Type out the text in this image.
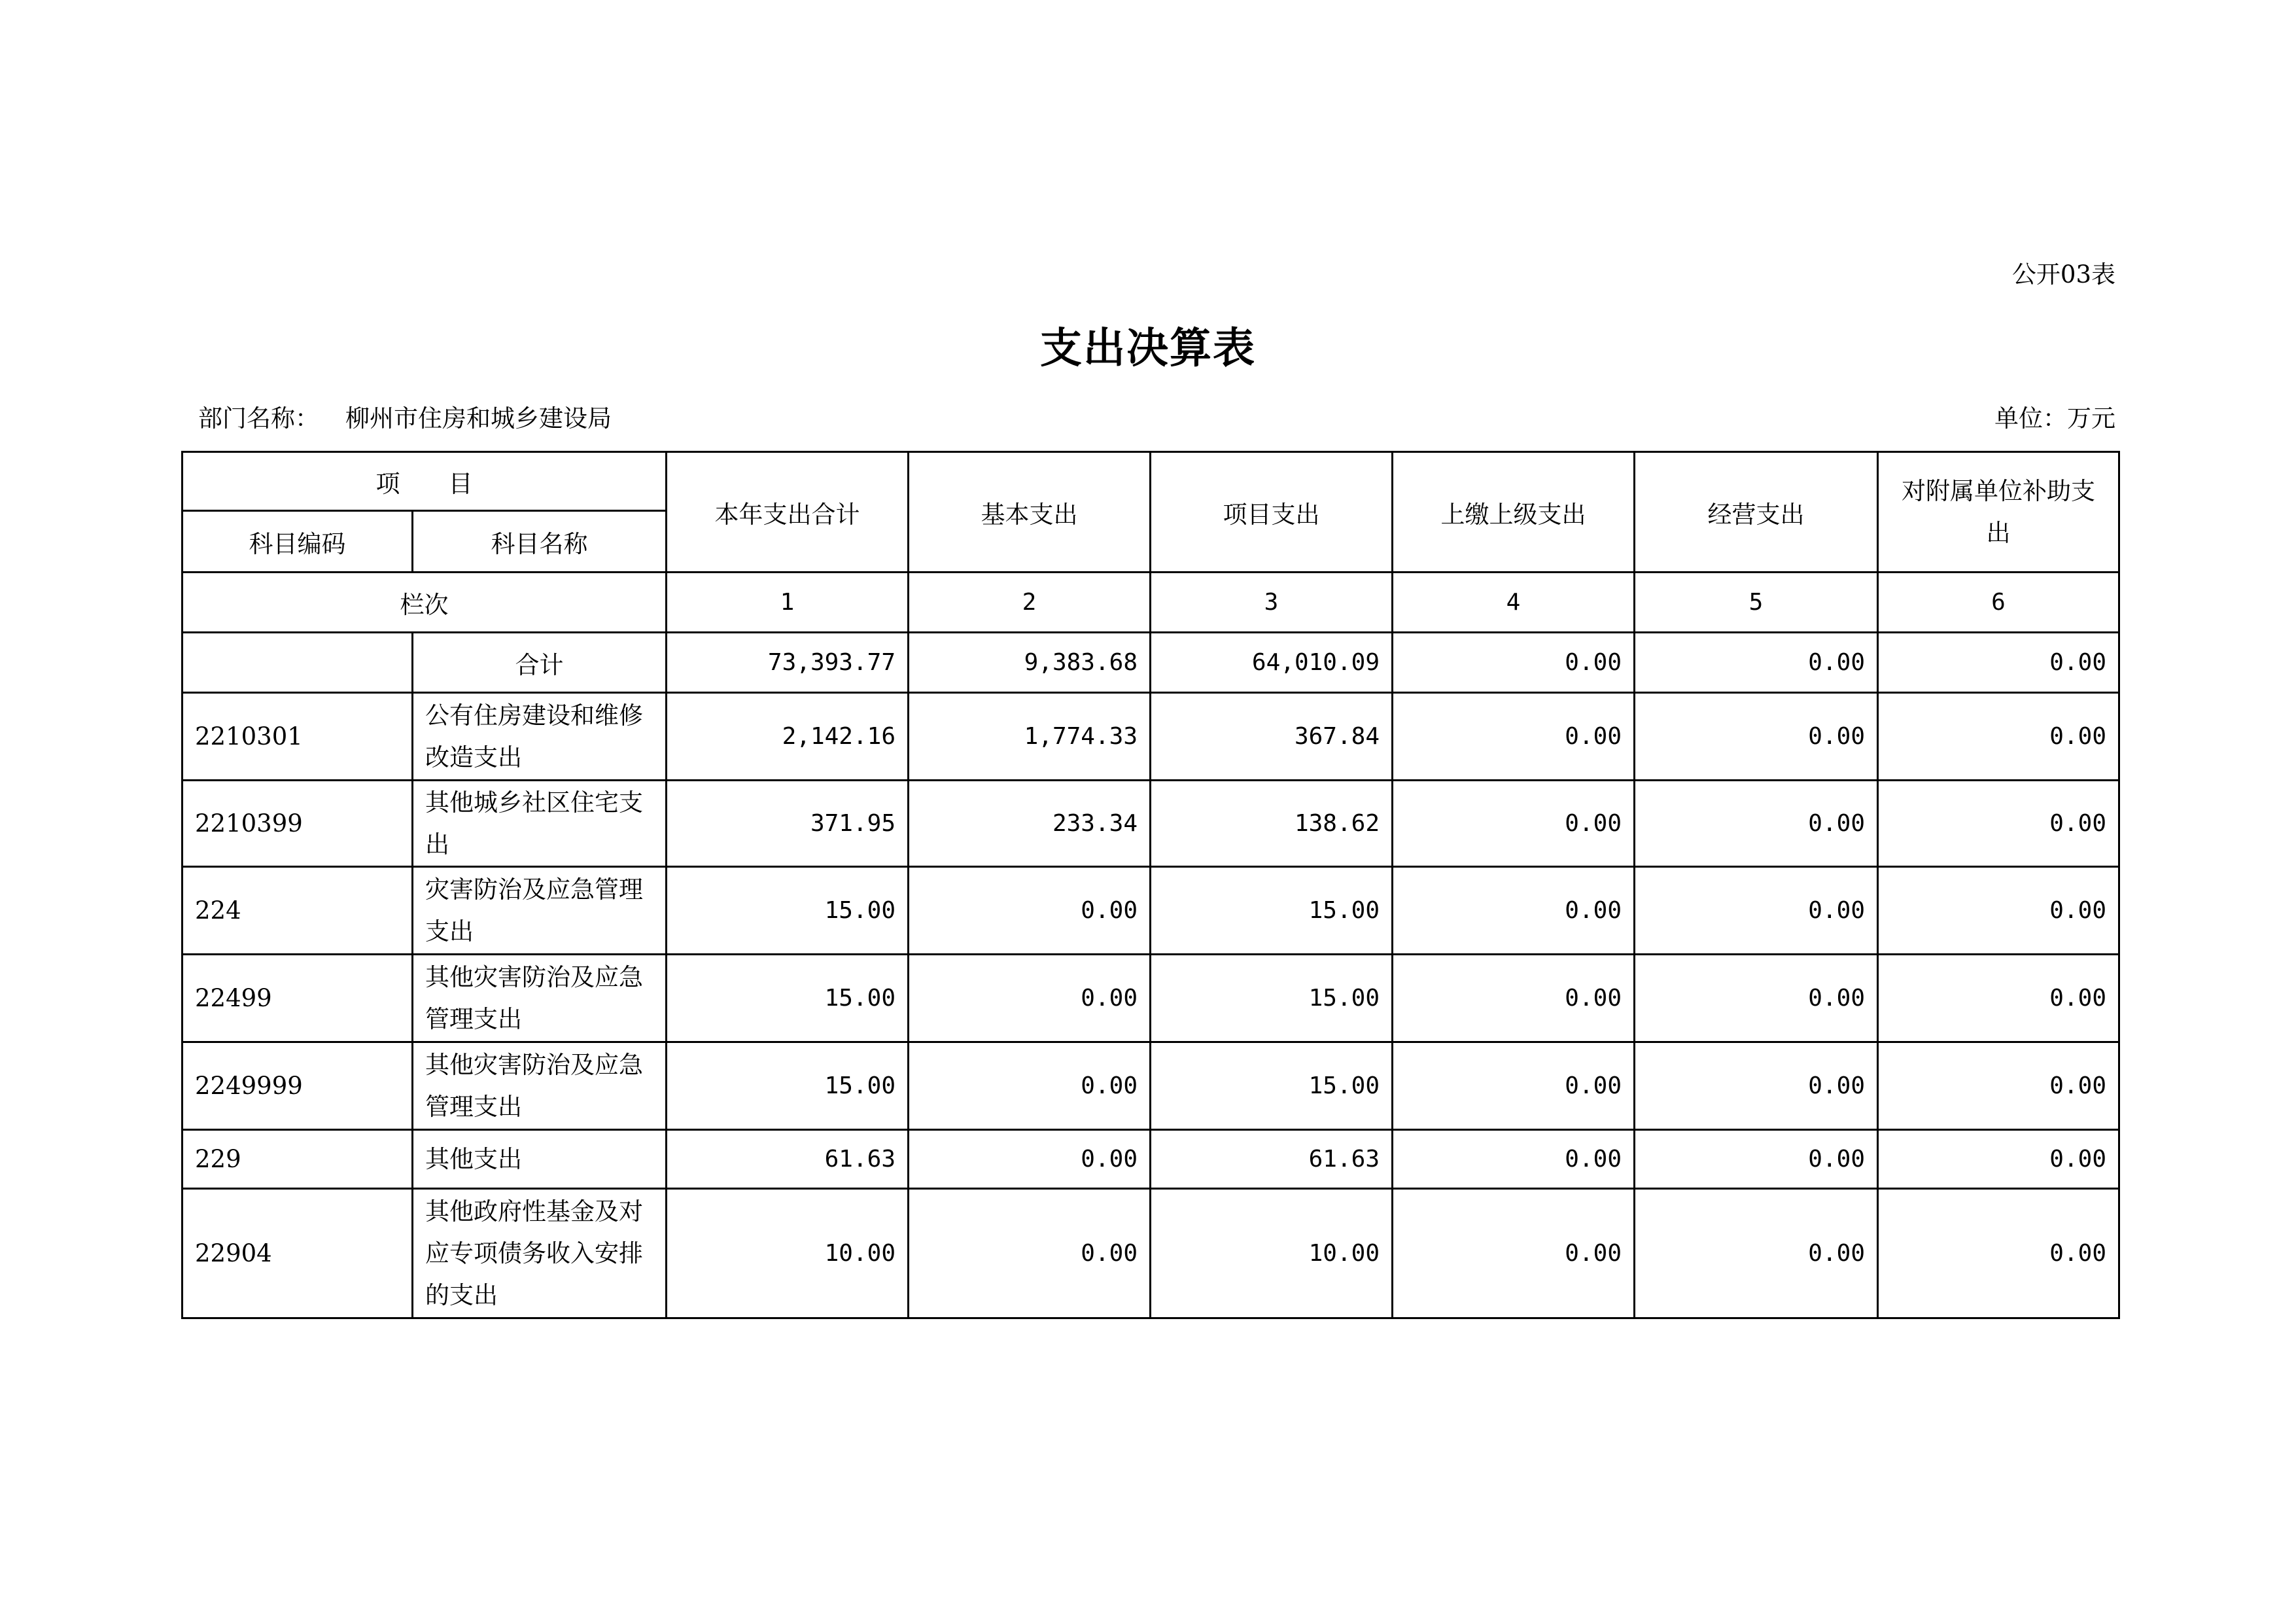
公开03表
支出决算表
部门名称： 柳州市住房和城乡建设局	单位：万元
项　　目		本年支出合计	基本支出	项目支出	上缴上级支出	经营支出	对附属单位补助支出
科目编码	科目名称						
栏次		1	2	3	4	5	6
	合计	73,393.77	9,383.68	64,010.09	0.00	0.00	0.00
2210301	公有住房建设和维修改造支出	2,142.16	1,774.33	367.84	0.00	0.00	0.00
2210399	其他城乡社区住宅支出	371.95	233.34	138.62	0.00	0.00	0.00
224	灾害防治及应急管理支出	15.00	0.00	15.00	0.00	0.00	0.00
22499	其他灾害防治及应急管理支出	15.00	0.00	15.00	0.00	0.00	0.00
2249999	其他灾害防治及应急管理支出	15.00	0.00	15.00	0.00	0.00	0.00
229	其他支出	61.63	0.00	61.63	0.00	0.00	0.00
22904	其他政府性基金及对应专项债务收入安排的支出	10.00	0.00	10.00	0.00	0.00	0.00
